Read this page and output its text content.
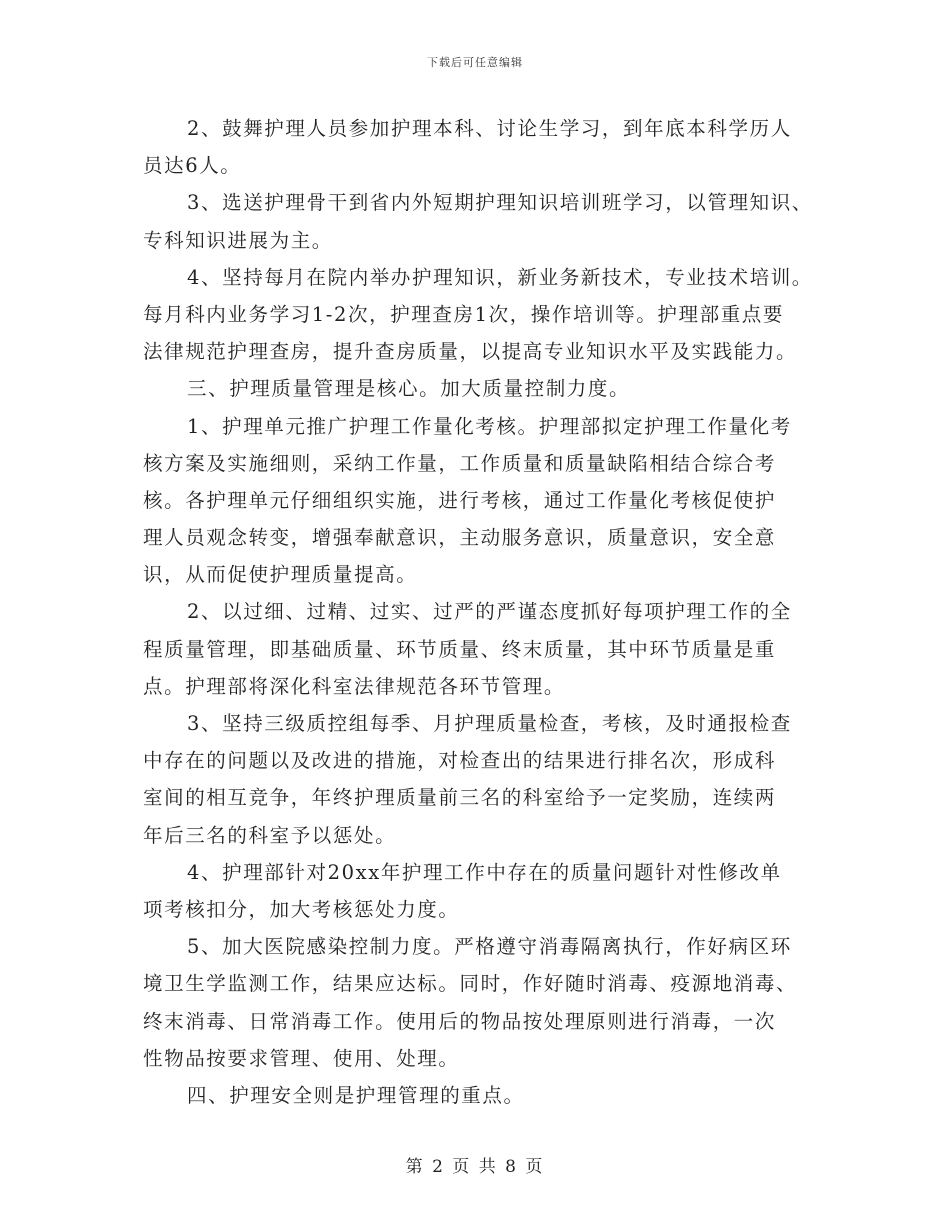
下载后可任意编辑
2、鼓舞护理人员参加护理本科、讨论生学习，到年底本科学历人
员达6人。
3、选送护理骨干到省内外短期护理知识培训班学习，以管理知识、
专科知识进展为主。
4、坚持每月在院内举办护理知识，新业务新技术，专业技术培训。
每月科内业务学习1-2次，护理查房1次，操作培训等。护理部重点要
法律规范护理查房，提升查房质量，以提高专业知识水平及实践能力。
三、护理质量管理是核心。加大质量控制力度。
1、护理单元推广护理工作量化考核。护理部拟定护理工作量化考
核方案及实施细则，采纳工作量，工作质量和质量缺陷相结合综合考
核。各护理单元仔细组织实施，进行考核，通过工作量化考核促使护
理人员观念转变，增强奉献意识，主动服务意识，质量意识，安全意
识，从而促使护理质量提高。
2、以过细、过精、过实、过严的严谨态度抓好每项护理工作的全
程质量管理，即基础质量、环节质量、终末质量，其中环节质量是重
点。护理部将深化科室法律规范各环节管理。
3、坚持三级质控组每季、月护理质量检查，考核，及时通报检查
中存在的问题以及改进的措施，对检查出的结果进行排名次，形成科
室间的相互竞争，年终护理质量前三名的科室给予一定奖励，连续两
年后三名的科室予以惩处。
4、护理部针对20xx年护理工作中存在的质量问题针对性修改单
项考核扣分，加大考核惩处力度。
5、加大医院感染控制力度。严格遵守消毒隔离执行，作好病区环
境卫生学监测工作，结果应达标。同时，作好随时消毒、疫源地消毒、
终末消毒、日常消毒工作。使用后的物品按处理原则进行消毒，一次
性物品按要求管理、使用、处理。
四、护理安全则是护理管理的重点。
第 2 页 共 8 页
